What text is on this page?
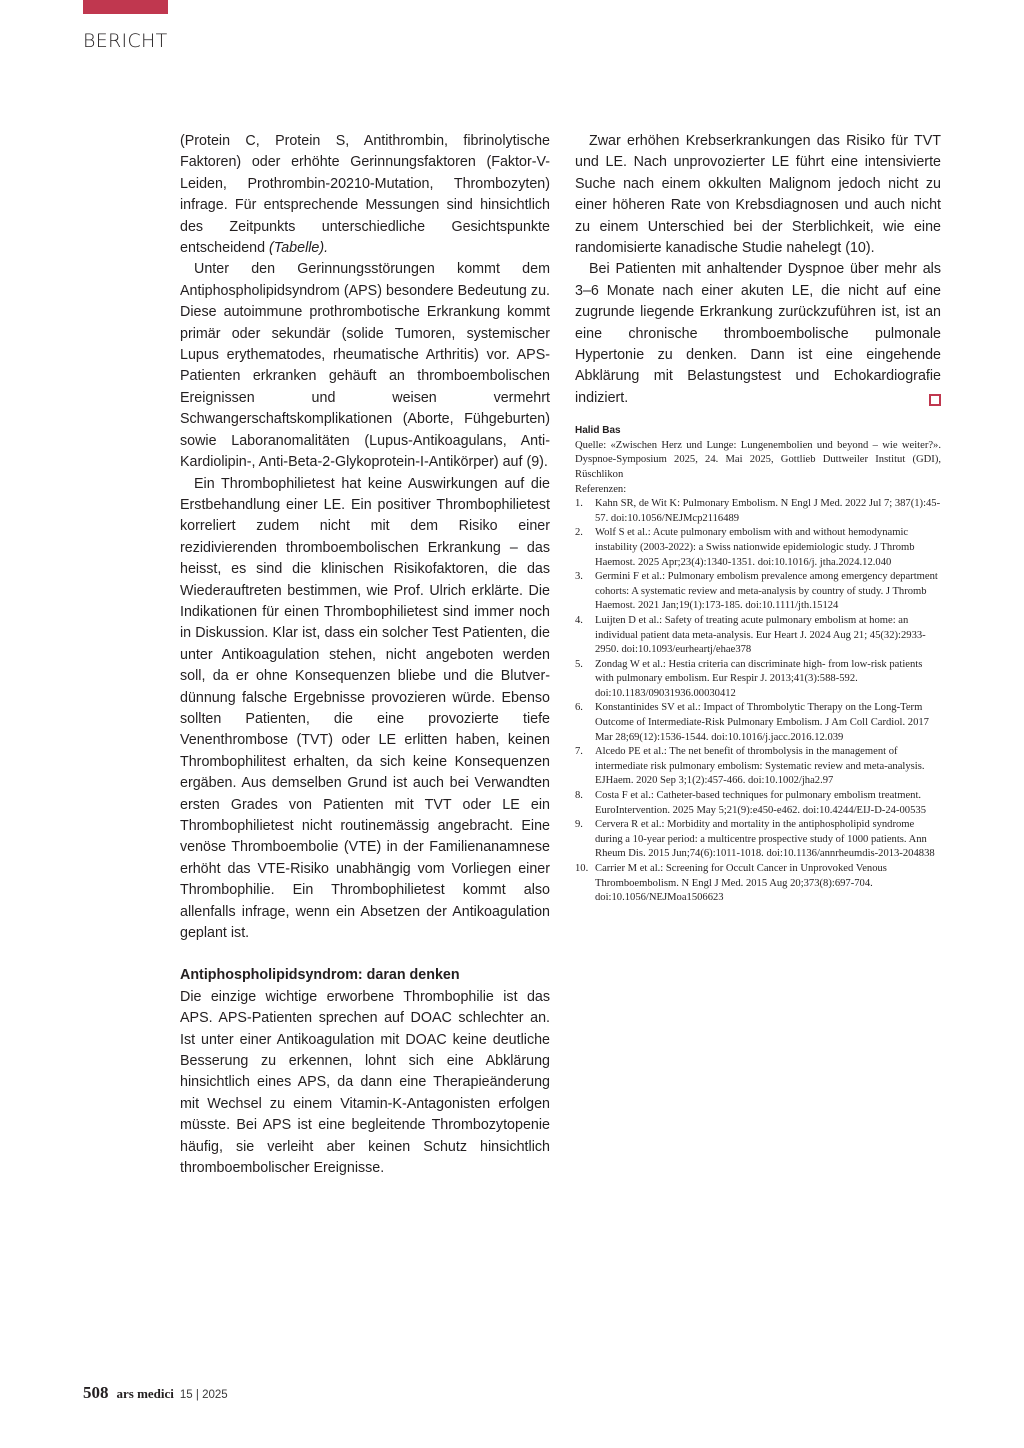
BERICHT

(Protein C, Protein S, Antithrombin, fibrinolytische Faktoren) oder erhöhte Gerinnungsfaktoren (Faktor-V-Leiden, Prothrombin-20210-Mutation, Thrombozyten) infrage. Für entsprechende Messungen sind hinsichtlich des Zeitpunkts unterschiedliche Gesichtspunkte entscheidend (Tabelle).

Unter den Gerinnungsstörungen kommt dem Antiphospholipidsyndrom (APS) besondere Bedeutung zu. Diese autoimmune prothrombotische Erkrankung kommt primär oder sekundär (solide Tumoren, systemischer Lupus erythematodes, rheumatische Arthritis) vor. APS-Patienten erkranken gehäuft an thromboembolischen Ereignissen und weisen vermehrt Schwangerschaftskomplikationen (Aborte, Fühgeburten) sowie Laboranomalitäten (Lupus-Antikoagulans, Anti-Kardiolipin-, Anti-Beta-2-Glykoprotein-I-Antikörper) auf (9).

Ein Thrombophilietest hat keine Auswirkungen auf die Erstbehandlung einer LE. Ein positiver Thrombophilietest korreliert zudem nicht mit dem Risiko einer rezidivierenden thromboembolischen Erkrankung – das heisst, es sind die klinischen Risikofaktoren, die das Wiederauftreten bestimmen, wie Prof. Ulrich erklärte. Die Indikationen für einen Thrombophilietest sind immer noch in Diskussion. Klar ist, dass ein solcher Test Patienten, die unter Antikoagulation stehen, nicht angeboten werden soll, da er ohne Konsequenzen bliebe und die Blutverdünnung falsche Ergebnisse provozieren würde. Ebenso sollten Patienten, die eine provozierte tiefe Venenthrombose (TVT) oder LE erlitten haben, keinen Thrombophilitest erhalten, da sich keine Konsequenzen ergäben. Aus demselben Grund ist auch bei Verwandten ersten Grades von Patienten mit TVT oder LE ein Thrombophilietest nicht routinemässig angebracht. Eine venöse Thromboembolie (VTE) in der Familienanamnese erhöht das VTE-Risiko unabhängig vom Vorliegen einer Thrombophilie. Ein Thrombophilietest kommt also allenfalls infrage, wenn ein Absetzen der Antikoagulation geplant ist.

Antiphospholipidsyndrom: daran denken

Die einzige wichtige erworbene Thrombophilie ist das APS. APS-Patienten sprechen auf DOAC schlechter an. Ist unter einer Antikoagulation mit DOAC keine deutliche Besserung zu erkennen, lohnt sich eine Abklärung hinsichtlich eines APS, da dann eine Therapieänderung mit Wechsel zu einem Vitamin-K-Antagonisten erfolgen müsste. Bei APS ist eine begleitende Thrombozytopenie häufig, sie verleiht aber keinen Schutz hinsichtlich thromboembolischer Ereignisse.

Zwar erhöhen Krebserkrankungen das Risiko für TVT und LE. Nach unprovozierter LE führt eine intensivierte Suche nach einem okkulten Malignom jedoch nicht zu einer höheren Rate von Krebsdiagnosen und auch nicht zu einem Unterschied bei der Sterblichkeit, wie eine randomisierte kanadische Studie nahelegt (10).

Bei Patienten mit anhaltender Dyspnoe über mehr als 3–6 Monate nach einer akuten LE, die nicht auf eine zugrunde liegende Erkrankung zurückzuführen ist, ist an eine chronische thromboembolische pulmonale Hypertonie zu denken. Dann ist eine eingehende Abklärung mit Belastungstest und Echokardiografie indiziert.

Halid Bas

Quelle: «Zwischen Herz und Lunge: Lungenembolien und beyond – wie weiter?». Dyspnoe-Symposium 2025, 24. Mai 2025, Gottlieb Duttweiler Institut (GDI), Rüschlikon

Referenzen:

1. Kahn SR, de Wit K: Pulmonary Embolism. N Engl J Med. 2022 Jul 7; 387(1):45-57. doi:10.1056/NEJMcp2116489
2. Wolf S et al.: Acute pulmonary embolism with and without hemodynamic instability (2003-2022): a Swiss nationwide epidemiologic study. J Thromb Haemost. 2025 Apr;23(4):1340-1351. doi:10.1016/j. jtha.2024.12.040
3. Germini F et al.: Pulmonary embolism prevalence among emergency department cohorts: A systematic review and meta-analysis by country of study. J Thromb Haemost. 2021 Jan;19(1):173-185. doi:10.1111/jth.15124
4. Luijten D et al.: Safety of treating acute pulmonary embolism at home: an individual patient data meta-analysis. Eur Heart J. 2024 Aug 21; 45(32):2933-2950. doi:10.1093/eurheartj/ehae378
5. Zondag W et al.: Hestia criteria can discriminate high- from low-risk patients with pulmonary embolism. Eur Respir J. 2013;41(3):588-592. doi:10.1183/09031936.00030412
6. Konstantinides SV et al.: Impact of Thrombolytic Therapy on the Long-Term Outcome of Intermediate-Risk Pulmonary Embolism. J Am Coll Cardiol. 2017 Mar 28;69(12):1536-1544. doi:10.1016/j.jacc.2016.12.039
7. Alcedo PE et al.: The net benefit of thrombolysis in the management of intermediate risk pulmonary embolism: Systematic review and meta-analysis. EJHaem. 2020 Sep 3;1(2):457-466. doi:10.1002/jha2.97
8. Costa F et al.: Catheter-based techniques for pulmonary embolism treatment. EuroIntervention. 2025 May 5;21(9):e450-e462. doi:10.4244/EIJ-D-24-00535
9. Cervera R et al.: Morbidity and mortality in the antiphospholipid syndrome during a 10-year period: a multicentre prospective study of 1000 patients. Ann Rheum Dis. 2015 Jun;74(6):1011-1018. doi:10.1136/annrheumdis-2013-204838
10. Carrier M et al.: Screening for Occult Cancer in Unprovoked Venous Thromboembolism. N Engl J Med. 2015 Aug 20;373(8):697-704. doi:10.1056/NEJMoa1506623
508 ars medici 15 | 2025
